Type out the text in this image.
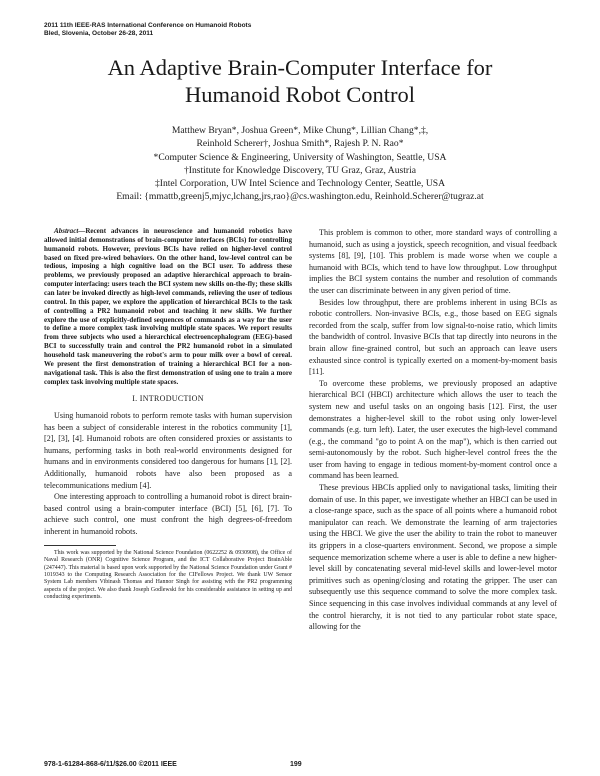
2011 11th IEEE-RAS International Conference on Humanoid Robots
Bled, Slovenia, October 26-28, 2011
An Adaptive Brain-Computer Interface for
Humanoid Robot Control
Matthew Bryan*, Joshua Green*, Mike Chung*, Lillian Chang*,‡,
Reinhold Scherer†, Joshua Smith*, Rajesh P. N. Rao*
*Computer Science & Engineering, University of Washington, Seattle, USA
†Institute for Knowledge Discovery, TU Graz, Graz, Austria
‡Intel Corporation, UW Intel Science and Technology Center, Seattle, USA
Email: {mmattb,greenj5,mjyc,lchang,jrs,rao}@cs.washington.edu, Reinhold.Scherer@tugraz.at

Abstract—Recent advances in neuroscience and humanoid robotics have allowed initial demonstrations of brain-computer interfaces (BCIs) for controlling humanoid robots. However, previous BCIs have relied on higher-level control based on fixed pre-wired behaviors. On the other hand, low-level control can be tedious, imposing a high cognitive load on the BCI user. To address these problems, we previously proposed an adaptive hierarchical approach to brain-computer interfacing: users teach the BCI system new skills on-the-fly; these skills can later be invoked directly as high-level commands, relieving the user of tedious control. In this paper, we explore the application of hierarchical BCIs to the task of controlling a PR2 humanoid robot and teaching it new skills. We further explore the use of explicitly-defined sequences of commands as a way for the user to define a more complex task involving multiple state spaces. We report results from three subjects who used a hierarchical electroencephalogram (EEG)-based BCI to successfully train and control the PR2 humanoid robot in a simulated household task maneuvering the robot's arm to pour milk over a bowl of cereal. We present the first demonstration of training a hierarchical BCI for a non-navigational task. This is also the first demonstration of using one to train a more complex task involving multiple state spaces.

I. INTRODUCTION

Using humanoid robots to perform remote tasks with human supervision has been a subject of considerable interest in the robotics community [1], [2], [3], [4]. Humanoid robots are often considered proxies or assistants to humans, performing tasks in both real-world environments designed for humans and in environments considered too dangerous for humans [1], [2]. Additionally, humanoid robots have also been proposed as a telecommunications medium [4].

One interesting approach to controlling a humanoid robot is direct brain-based control using a brain-computer interface (BCI) [5], [6], [7]. To achieve such control, one must confront the high degrees-of-freedom inherent in humanoid robots.

This work was supported by the National Science Foundation (0622252 & 0930908), the Office of Naval Research (ONR) Cognitive Science Program, and the ICT Collaborative Project BrainAble (247447). This material is based upon work supported by the National Science Foundation under Grant # 1019343 to the Computing Research Association for the CIFellows Project. We thank UW Sensor System Lab members Vibinash Thomas and Hannor Singh for assisting with the PR2 programming aspects of the project. We also thank Joseph Godlewski for his considerable assistance in setting up and conducting experiments.

This problem is common to other, more standard ways of controlling a humanoid, such as using a joystick, speech recognition, and visual feedback systems [8], [9], [10]. This problem is made worse when we couple a humanoid with BCIs, which tend to have low throughput. Low throughput implies the BCI system contains the number and resolution of commands the user can discriminate between in any given period of time.

Besides low throughput, there are problems inherent in using BCIs as robotic controllers. Non-invasive BCIs, e.g., those based on EEG signals recorded from the scalp, suffer from low signal-to-noise ratio, which limits the bandwidth of control. Invasive BCIs that tap directly into neurons in the brain allow fine-grained control, but such an approach can leave users exhausted since control is typically exerted on a moment-by-moment basis [11].

To overcome these problems, we previously proposed an adaptive hierarchical BCI (HBCI) architecture which allows the user to teach the system new and useful tasks on an ongoing basis [12]. First, the user demonstrates a higher-level skill to the robot using only lower-level commands (e.g. turn left). Later, the user executes the high-level command (e.g., the command "go to point A on the map"), which is then carried out semi-autonomously by the robot. Such higher-level control frees the the user from having to engage in tedious moment-by-moment control once a command has been learned.

These previous HBCIs applied only to navigational tasks, limiting their domain of use. In this paper, we investigate whether an HBCI can be used in a close-range space, such as the space of all points where a humanoid robot manipulator can reach. We demonstrate the learning of arm trajectories using the HBCI. We give the user the ability to train the robot to maneuver its grippers in a close-quarters environment. Second, we propose a simple sequence memorization scheme where a user is able to define a new higher-level skill by concatenating several mid-level skills and lower-level motor primitives such as opening/closing and rotating the gripper. The user can subsequently use this sequence command to solve the more complex task. Since sequencing in this case involves individual commands at any level of the control hierarchy, it is not tied to any particular robot state space, allowing for the

978-1-61284-868-6/11/$26.00 ©2011 IEEE	199
